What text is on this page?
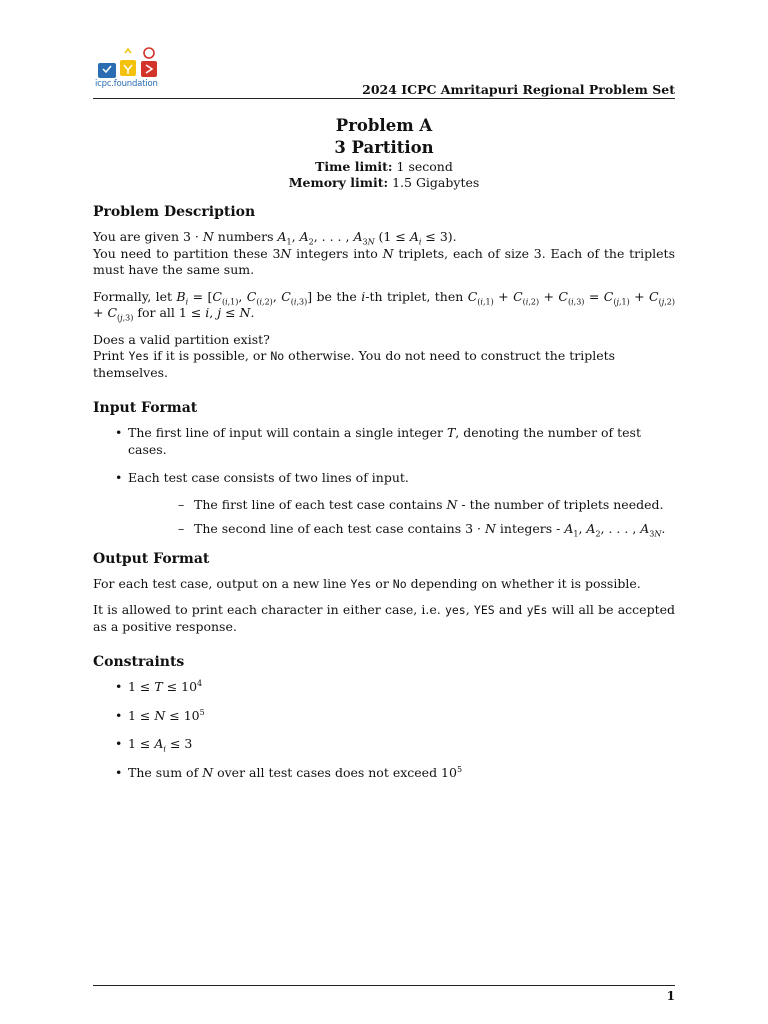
icpc.foundation	2024 ICPC Amritapuri Regional Problem Set
Problem A
3 Partition
Time limit: 1 second
Memory limit: 1.5 Gigabytes
Problem Description

You are given 3 · N numbers $A_1$, $A_2$, . . . , $A_{3N}$ $(1 \le A_i \le 3)$.

You need to partition these 3N integers into N triplets, each of size 3. Each of the triplets must have the same sum.

Formally, let $B_i = [C_{(i,1)}$, $C_{(i,2)}$, $C_{(i,3)}$] be the i-th triplet, then $C_{(i,1)} + C_{(i,2)} + C_{(i,3)} = C_{(j,1)} + C_{(j,2)} + C_{(j,3)}$ for all 1 ≤ i, j ≤ N.

Does a valid partition exist?

Print Yes if it is possible, or No otherwise. You do not need to construct the triplets themselves.

Input Format
• The first line of input will contain a single integer T, denoting the number of test cases.
• Each test case consists of two lines of input.
– The first line of each test case contains N - the number of triplets needed.
– The second line of each test case contains 3 · N integers - $A_1$, $A_2$, . . . , $A_{3N}$.
Output Format

For each test case, output on a new line Yes or No depending on whether it is possible.

It is allowed to print each character in either case, i.e. yes, YES and yEs will all be accepted as a positive response.

Constraints
• $1 \le T \le 10^4$
• $1 \le N \le 10^5$
• $1 \le A_i \le 3$
• The sum of N over all test cases does not exceed $10^5$
1
